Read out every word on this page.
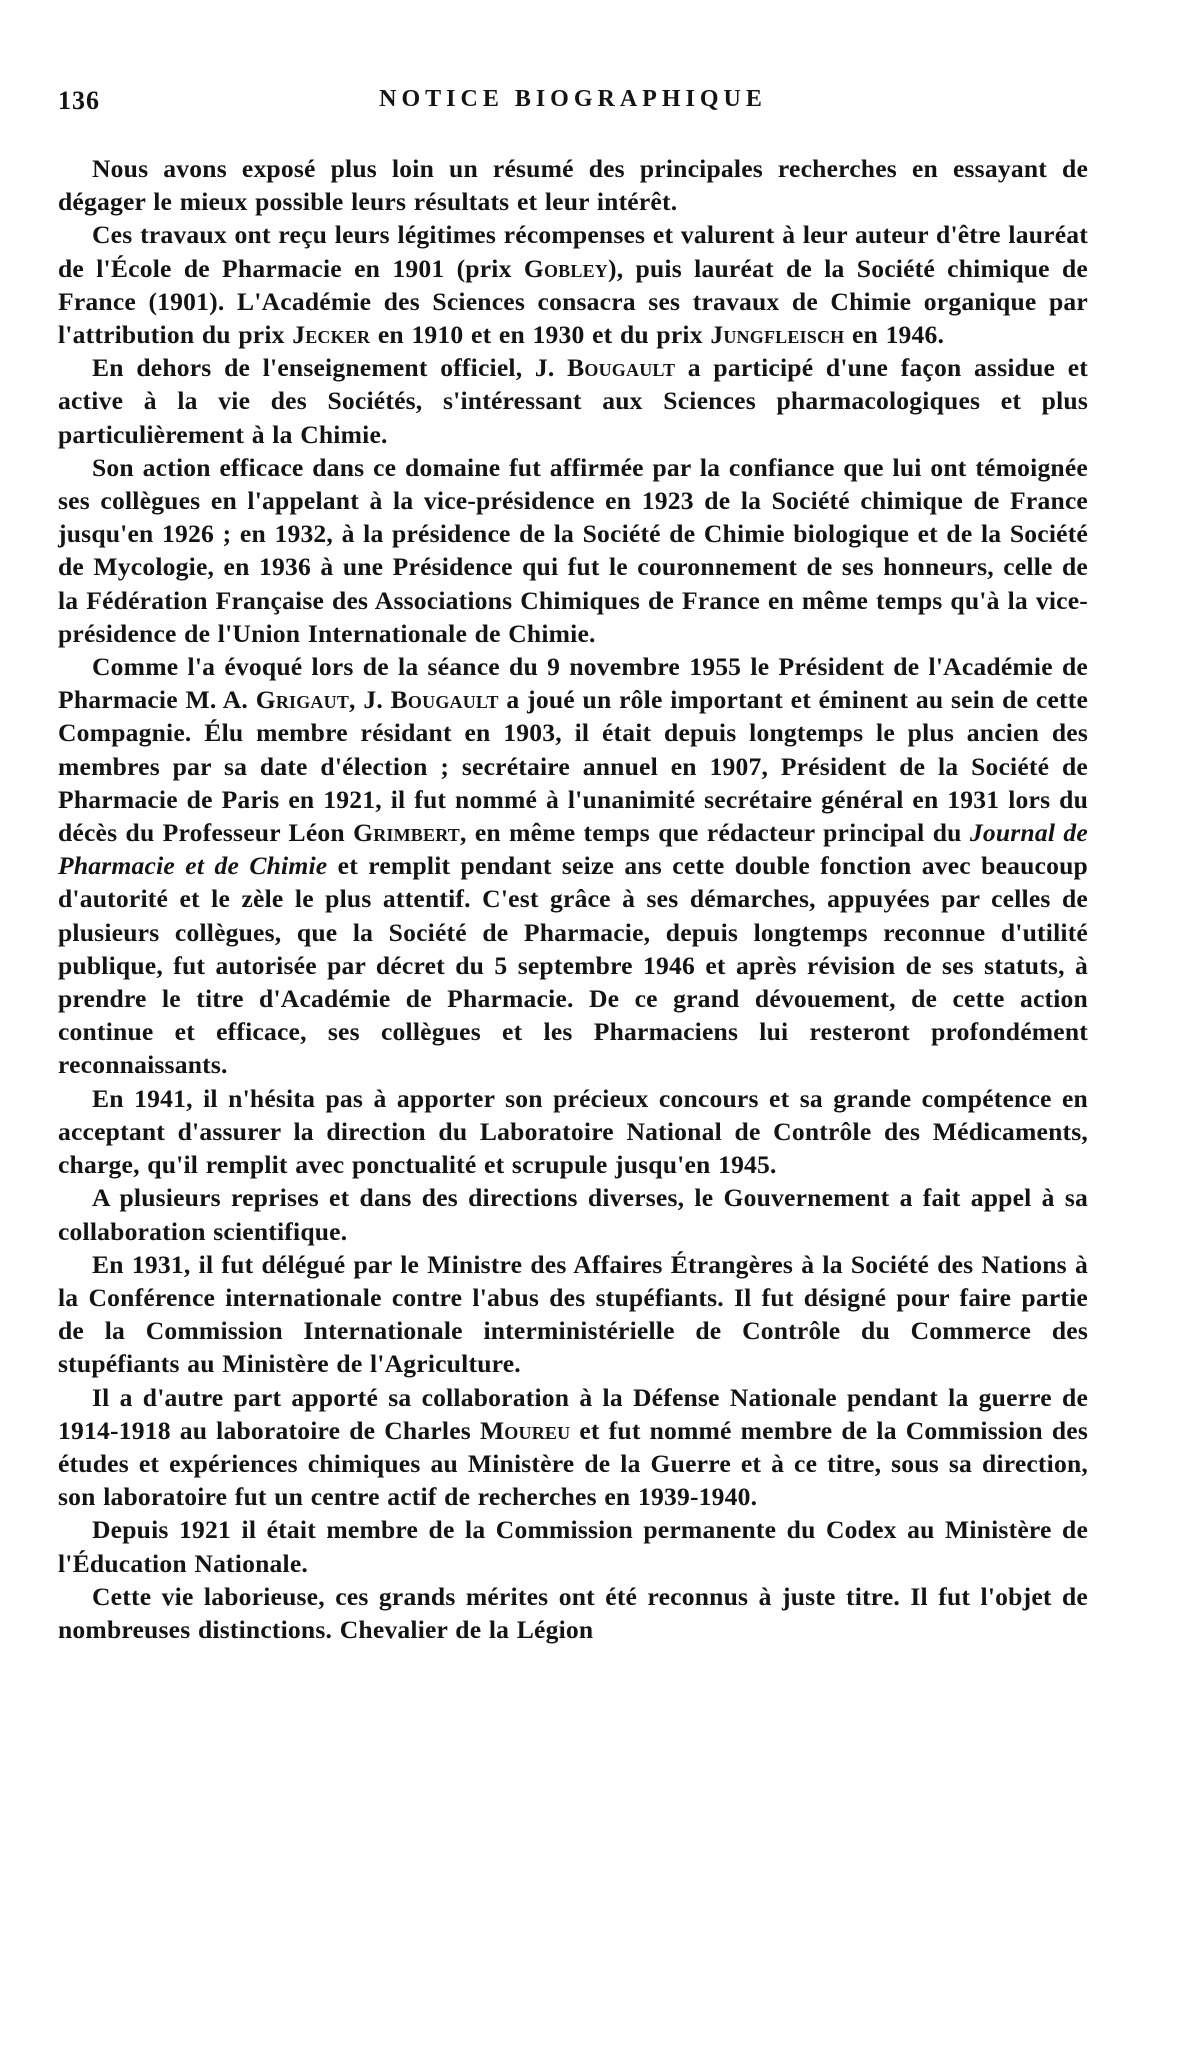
136	NOTICE BIOGRAPHIQUE

Nous avons exposé plus loin un résumé des principales recherches en essayant de dégager le mieux possible leurs résultats et leur intérêt.

Ces travaux ont reçu leurs légitimes récompenses et valurent à leur auteur d'être lauréat de l'École de Pharmacie en 1901 (prix Gobley), puis lauréat de la Société chimique de France (1901). L'Académie des Sciences consacra ses travaux de Chimie organique par l'attribution du prix Jecker en 1910 et en 1930 et du prix Jungfleisch en 1946.

En dehors de l'enseignement officiel, J. Bougault a participé d'une façon assidue et active à la vie des Sociétés, s'intéressant aux Sciences pharmacologiques et plus particulièrement à la Chimie.

Son action efficace dans ce domaine fut affirmée par la confiance que lui ont témoignée ses collègues en l'appelant à la vice-présidence en 1923 de la Société chimique de France jusqu'en 1926 ; en 1932, à la présidence de la Société de Chimie biologique et de la Société de Mycologie, en 1936 à une Présidence qui fut le couronnement de ses honneurs, celle de la Fédération Française des Associations Chimiques de France en même temps qu'à la vice-présidence de l'Union Internationale de Chimie.

Comme l'a évoqué lors de la séance du 9 novembre 1955 le Président de l'Académie de Pharmacie M. A. Grigaut, J. Bougault a joué un rôle important et éminent au sein de cette Compagnie. Élu membre résidant en 1903, il était depuis longtemps le plus ancien des membres par sa date d'élection ; secrétaire annuel en 1907, Président de la Société de Pharmacie de Paris en 1921, il fut nommé à l'unanimité secrétaire général en 1931 lors du décès du Professeur Léon Grimbert, en même temps que rédacteur principal du Journal de Pharmacie et de Chimie et remplit pendant seize ans cette double fonction avec beaucoup d'autorité et le zèle le plus attentif. C'est grâce à ses démarches, appuyées par celles de plusieurs collègues, que la Société de Pharmacie, depuis longtemps reconnue d'utilité publique, fut autorisée par décret du 5 septembre 1946 et après révision de ses statuts, à prendre le titre d'Académie de Pharmacie. De ce grand dévouement, de cette action continue et efficace, ses collègues et les Pharmaciens lui resteront profondément reconnaissants.

En 1941, il n'hésita pas à apporter son précieux concours et sa grande compétence en acceptant d'assurer la direction du Laboratoire National de Contrôle des Médicaments, charge, qu'il remplit avec ponctualité et scrupule jusqu'en 1945.

A plusieurs reprises et dans des directions diverses, le Gouvernement a fait appel à sa collaboration scientifique.

En 1931, il fut délégué par le Ministre des Affaires Étrangères à la Société des Nations à la Conférence internationale contre l'abus des stupéfiants. Il fut désigné pour faire partie de la Commission Internationale interministérielle de Contrôle du Commerce des stupéfiants au Ministère de l'Agriculture.

Il a d'autre part apporté sa collaboration à la Défense Nationale pendant la guerre de 1914-1918 au laboratoire de Charles Moureu et fut nommé membre de la Commission des études et expériences chimiques au Ministère de la Guerre et à ce titre, sous sa direction, son laboratoire fut un centre actif de recherches en 1939-1940.

Depuis 1921 il était membre de la Commission permanente du Codex au Ministère de l'Éducation Nationale.

Cette vie laborieuse, ces grands mérites ont été reconnus à juste titre. Il fut l'objet de nombreuses distinctions. Chevalier de la Légion
